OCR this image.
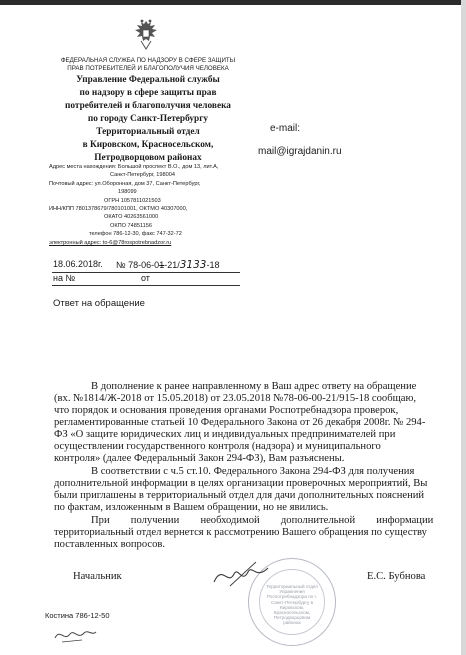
ФЕДЕРАЛЬНАЯ СЛУЖБА ПО НАДЗОРУ В СФЕРЕ ЗАЩИТЫ
ПРАВ ПОТРЕБИТЕЛЕЙ И БЛАГОПОЛУЧИЯ ЧЕЛОВЕКА
Управление Федеральной службы
по надзору в сфере защиты прав
потребителей и благополучия человека
по городу Санкт-Петербургу
Территориальный отдел
в Кировском, Красносельском,
Петродворцовом районах
Адрес места нахождения: Большой проспект В.О., дом 13, лит.А,
Санкт-Петербург, 198004
Почтовый адрес: ул.Оборонная, дом 37, Санкт-Петербург,
198099
ОГРН 1057811021503
ИНН/КПП 7801378679/780101001, ОКТМО 40307000,
ОКАТО 40263561000
ОКПО 74851156
телефон 786-12-30, факс 747-32-72
электронный адрес: to-6@78rospotrebnadzor.ru
e-mail:
mail@igrajdanin.ru
18.06.2018г. № 78-06-01-21/3133-18
на №	от
Ответ на обращение
В дополнение к ранее направленному в Ваш адрес ответу на обращение
(вх. №1814/Ж-2018 от 15.05.2018) от 23.05.2018 №78-06-00-21/915-18 сообщаю,
что порядок и основания проведения органами Роспотребнадзора проверок,
регламентированные статьей 10 Федерального Закона от 26 декабря 2008г. № 294-
ФЗ «О защите юридических лиц и индивидуальных предпринимателей при
осуществлении государственного контроля (надзора) и муниципального
контроля» (далее Федеральный Закон 294-ФЗ), Вам разъяснены.
В соответствии с ч.5 ст.10. Федерального Закона 294-ФЗ для получения
дополнительной информации в целях организации проверочных мероприятий, Вы
были приглашены в территориальный отдел для дачи дополнительных пояснений
по фактам, изложенным в Вашем обращении, но не явились.
При        получении        необходимой        дополнительной        информации
территориальный отдел вернется к рассмотрению Вашего обращения по существу
поставленных вопросов.
Территориальный отдел Управления Роспотребнадзора по г. Санкт-Петербургу в Кировском, Красносельском, Петродворцовом районах
Начальник	Е.С. Бубнова
Костина 786-12-50
